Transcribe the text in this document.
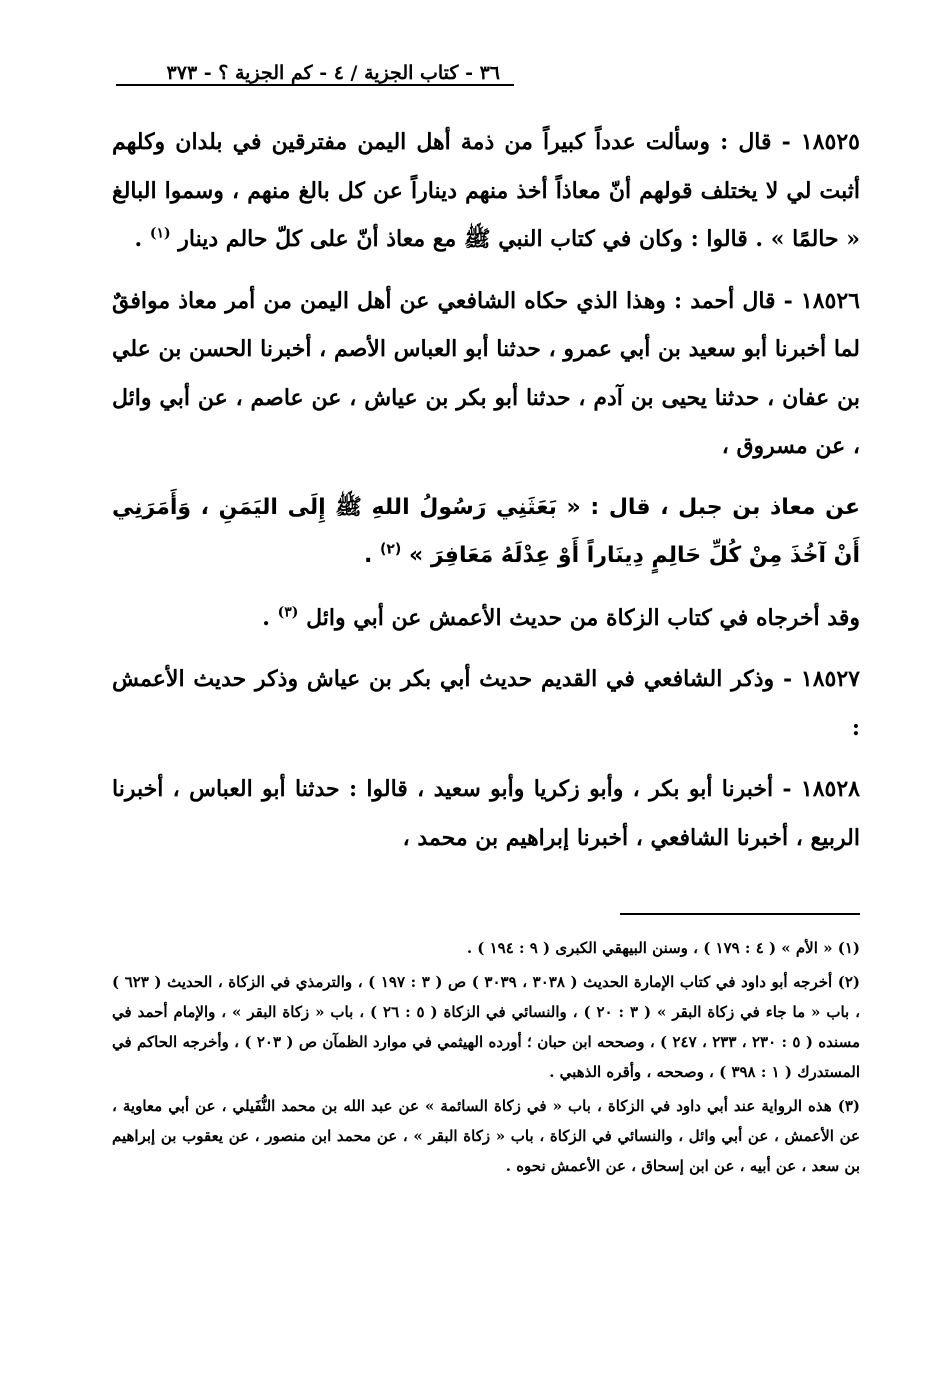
٣٦ - كتاب الجزية / ٤ - كم الجزية ؟ - ٣٧٣

١٨٥٢٥ - قال : وسألت عدداً كبيراً من ذمة أهل اليمن مفترقين في بلدان وكلهم أثبت لي لا يختلف قولهم أنّ معاذاً أخذ منهم ديناراً عن كل بالغ منهم ، وسموا البالغ « حالمًا » . قالوا : وكان في كتاب النبي ﷺ مع معاذ أنّ على كلّ حالم دينار $^{(١)}$ .

١٨٥٢٦ - قال أحمد : وهذا الذي حكاه الشافعي عن أهل اليمن من أمر معاذ موافقٌ لما أخبرنا أبو سعيد بن أبي عمرو ، حدثنا أبو العباس الأصم ، أخبرنا الحسن بن علي بن عفان ، حدثنا يحيى بن آدم ، حدثنا أبو بكر بن عياش ، عن عاصم ، عن أبي وائل ، عن مسروق ،

عن معاذ بن جبل ، قال : « بَعَثَنِي رَسُولُ اللهِ ﷺ إِلَى اليَمَنِ ، وَأَمَرَنِي أَنْ آخُذَ مِنْ كُلِّ حَالِمٍ دِينَاراً أَوْ عِدْلَهُ مَعَافِرَ » $^{(٢)}$ .

وقد أخرجاه في كتاب الزكاة من حديث الأعمش عن أبي وائل $^{(٣)}$ .

١٨٥٢٧ - وذكر الشافعي في القديم حديث أبي بكر بن عياش وذكر حديث الأعمش :

١٨٥٢٨ - أخبرنا أبو بكر ، وأبو زكريا وأبو سعيد ، قالوا : حدثنا أبو العباس ، أخبرنا الربيع ، أخبرنا الشافعي ، أخبرنا إبراهيم بن محمد ،

(١) « الأم » ( ٤ : ١٧٩ ) ، وسنن البيهقي الكبرى ( ٩ : ١٩٤ ) .

(٢) أخرجه أبو داود في كتاب الإمارة الحديث ( ٣٠٣٨ ، ٣٠٣٩ ) ص ( ٣ : ١٩٧ ) ، والترمذي في الزكاة ، الحديث ( ٦٢٣ ) ، باب « ما جاء في زكاة البقر » ( ٣ : ٢٠ ) ، والنسائي في الزكاة ( ٥ : ٢٦ ) ، باب « زكاة البقر » ، والإمام أحمد في مسنده ( ٥ : ٢٣٠ ، ٢٣٣ ، ٢٤٧ ) ، وصححه ابن حبان ؛ أورده الهيثمي في موارد الظمآن ص ( ٢٠٣ ) ، وأخرجه الحاكم في المستدرك ( ١ : ٣٩٨ ) ، وصححه ، وأقره الذهبي .

(٣) هذه الرواية عند أبي داود في الزكاة ، باب « في زكاة السائمة » عن عبد الله بن محمد النُّفَيلي ، عن أبي معاوية ، عن الأعمش ، عن أبي وائل ، والنسائي في الزكاة ، باب « زكاة البقر » ، عن محمد ابن منصور ، عن يعقوب بن إبراهيم بن سعد ، عن أبيه ، عن ابن إسحاق ، عن الأعمش نحوه .
